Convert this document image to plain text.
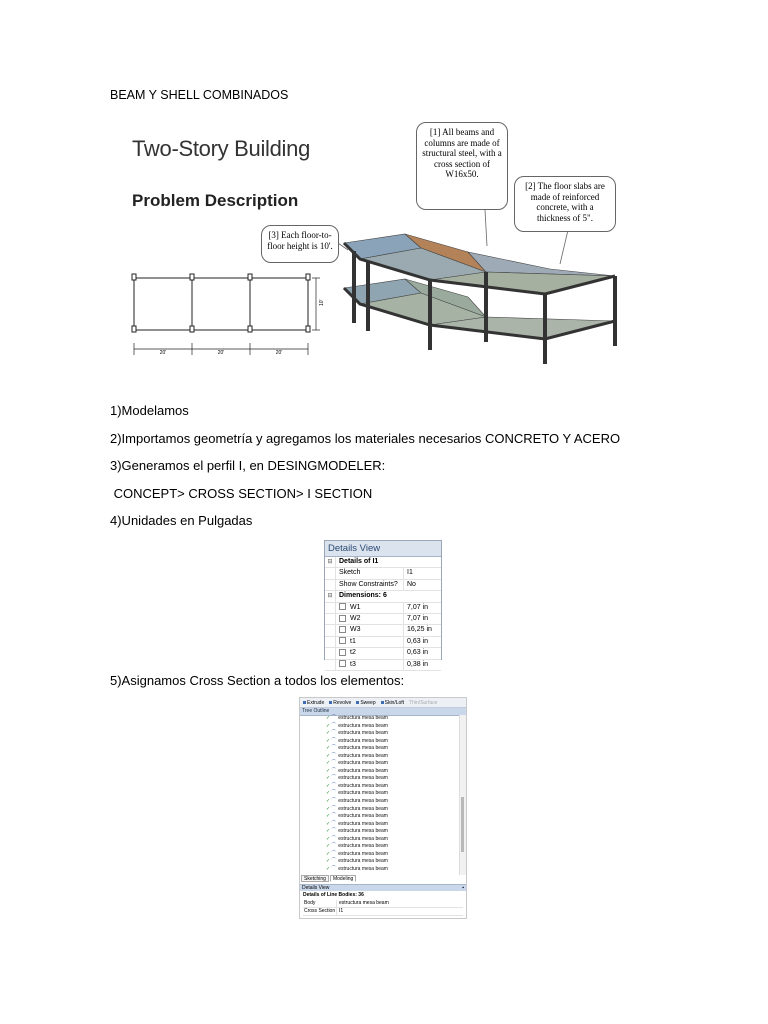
BEAM Y SHELL COMBINADOS
Two-Story Building
Problem Description
20'	20'	20'
10'
[1] All beams and columns are made of structural steel, with a cross section of W16x50.
[2] The floor slabs are made of reinforced concrete, with a thickness of 5".
[3] Each floor-to-floor height is 10'.
1)Modelamos
2)Importamos geometría y agregamos los materiales necesarios CONCRETO Y ACERO
3)Generamos el perfil I, en DESINGMODELER:
CONCEPT> CROSS SECTION> I SECTION
4)Unidades en Pulgadas
Details View
⊟ Details of I1
Sketch	I1
Show Constraints?	No
⊟ Dimensions: 6
W1	7,07 in
W2	7,07 in
W3	16,25 in
t1	0,63 in
t2	0,63 in
t3	0,38 in
5)Asignamos Cross Section a todos los elementos:
Extrude Revolve Sweep Skin/Loft Thin/Surface
Tree Outline
✓⌒ estructura mesa beam
✓⌒ estructura mesa beam
✓⌒ estructura mesa beam
✓⌒ estructura mesa beam
✓⌒ estructura mesa beam
✓⌒ estructura mesa beam
✓⌒ estructura mesa beam
✓⌒ estructura mesa beam
✓⌒ estructura mesa beam
✓⌒ estructura mesa beam
✓⌒ estructura mesa beam
✓⌒ estructura mesa beam
✓⌒ estructura mesa beam
✓⌒ estructura mesa beam
✓⌒ estructura mesa beam
✓⌒ estructura mesa beam
✓⌒ estructura mesa beam
✓⌒ estructura mesa beam
✓⌒ estructura mesa beam
✓⌒ estructura mesa beam
✓⌒ estructura mesa beam
Sketching	Modeling
Details View	▪
Details of Line Bodies: 36
Body	estructura mesa beam
Cross Section I1
